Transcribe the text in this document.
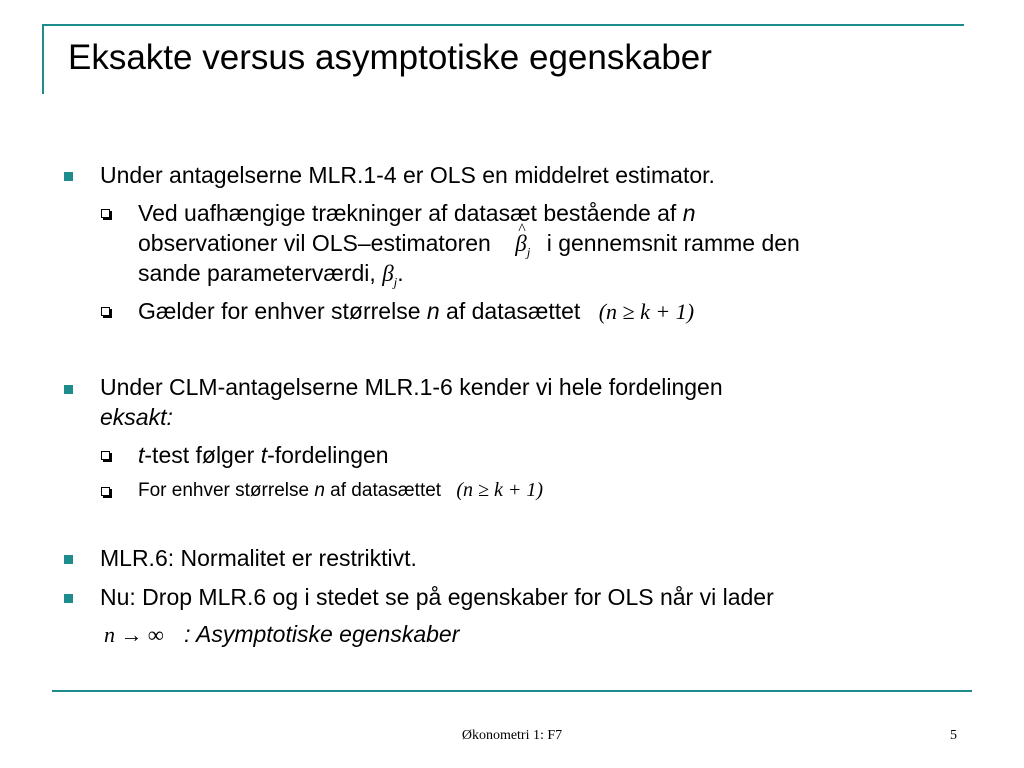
Eksakte versus asymptotiske egenskaber
Under antagelserne MLR.1-4 er OLS en middelret estimator.
Ved uafhængige trækninger af datasæt bestående af n
observationer vil OLS–estimatoren ^ $\beta_j$ i gennemsnit ramme den
sande parameterværdi, $\beta_j$.
Gælder for enhver størrelse n af datasættet (n ≥ k + 1)
Under CLM-antagelserne MLR.1-6 kender vi hele fordelingen
eksakt:
t-test følger t-fordelingen
For enhver størrelse n af datasættet (n ≥ k + 1)
MLR.6: Normalitet er restriktivt.
Nu: Drop MLR.6 og i stedet se på egenskaber for OLS når vi lader
n → ∞ : Asymptotiske egenskaber
Økonometri 1: F7	5
